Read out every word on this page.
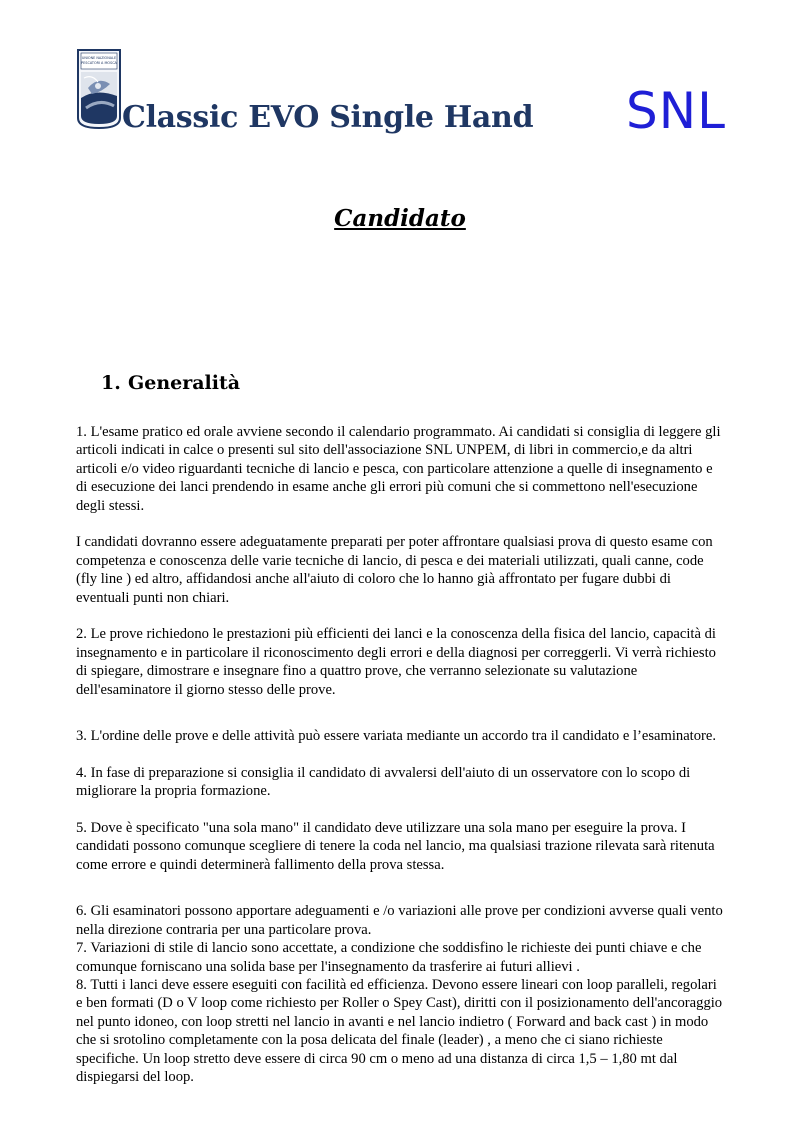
UNIONE NAZIONALE
PESCATORI A MOSCA
Classic EVO Single Hand SNL
Candidato
1. Generalità

1. L'esame pratico ed orale avviene secondo il calendario programmato. Ai candidati si consiglia di leggere gli articoli indicati in calce o presenti sul sito dell'associazione SNL UNPEM, di libri in commercio,e da altri articoli e/o video riguardanti tecniche di lancio e pesca, con particolare attenzione a quelle di insegnamento e di esecuzione dei lanci prendendo in esame anche gli errori più comuni che si commettono nell'esecuzione degli stessi.

I candidati dovranno essere adeguatamente preparati per poter affrontare qualsiasi prova di questo esame con competenza e conoscenza delle varie tecniche di lancio, di pesca e dei materiali utilizzati, quali canne, code (fly line ) ed altro, affidandosi anche all'aiuto di coloro che lo hanno già affrontato per fugare dubbi di eventuali punti non chiari.

2. Le prove richiedono le prestazioni più efficienti dei lanci e la conoscenza della fisica del lancio, capacità di insegnamento e in particolare il riconoscimento degli errori e della diagnosi per correggerli. Vi verrà richiesto di spiegare, dimostrare e insegnare fino a quattro prove, che verranno selezionate su valutazione dell'esaminatore il giorno stesso delle prove.

3. L'ordine delle prove e delle attività può essere variata mediante un accordo tra il candidato e l’esaminatore.

4. In fase di preparazione si consiglia il candidato di avvalersi dell'aiuto di un osservatore con lo scopo di migliorare la propria formazione.

5. Dove è specificato "una sola mano" il candidato deve utilizzare una sola mano per eseguire la prova. I candidati possono comunque scegliere di tenere la coda nel lancio, ma qualsiasi trazione rilevata sarà ritenuta come errore e quindi determinerà fallimento della prova stessa.

6. Gli esaminatori possono apportare adeguamenti e /o variazioni alle prove per condizioni avverse quali vento nella direzione contraria per una particolare prova.

7. Variazioni di stile di lancio sono accettate, a condizione che soddisfino le richieste dei punti chiave e che comunque forniscano una solida base per l'insegnamento da trasferire ai futuri allievi .

8. Tutti i lanci deve essere eseguiti con facilità ed efficienza. Devono essere lineari con loop paralleli, regolari e ben formati (D o V loop come richiesto per Roller o Spey Cast), diritti con il posizionamento dell'ancoraggio nel punto idoneo, con loop stretti nel lancio in avanti e nel lancio indietro ( Forward and back cast ) in modo che si srotolino completamente con la posa delicata del finale (leader) , a meno che ci siano richieste specifiche. Un loop stretto deve essere di circa 90 cm o meno ad una distanza di circa 1,5 – 1,80 mt dal dispiegarsi del loop.
